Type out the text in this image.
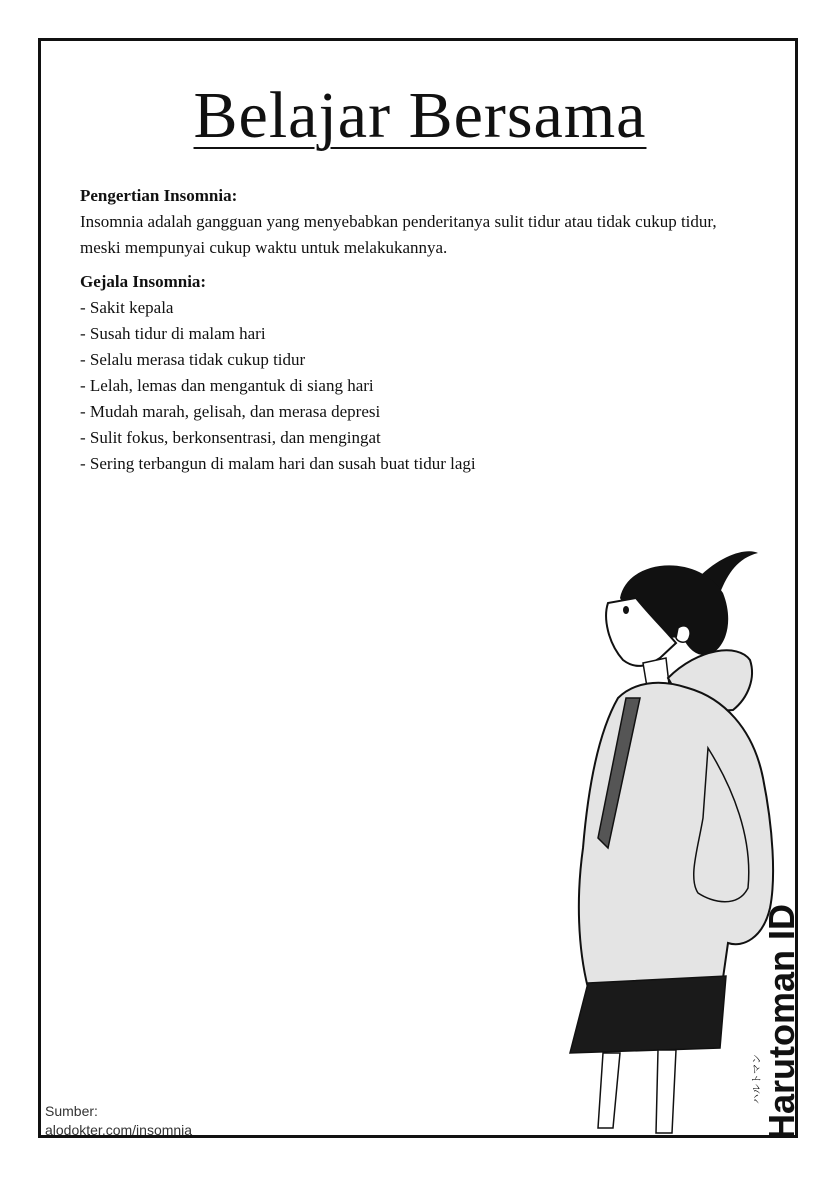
Belajar Bersama

Pengertian Insomnia:

Insomnia adalah gangguan yang menyebabkan penderitanya sulit tidur atau tidak cukup tidur, meski mempunyai cukup waktu untuk melakukannya.

Gejala Insomnia:

- Sakit kepala
- Susah tidur di malam hari
- Selalu merasa tidak cukup tidur
- Lelah, lemas dan mengantuk di siang hari
- Mudah marah, gelisah, dan merasa depresi
- Sulit fokus, berkonsentrasi, dan mengingat
- Sering terbangun di malam hari dan susah buat tidur lagi
Sumber:
alodokter.com/insomnia	Harutoman ID
ハルトマン
